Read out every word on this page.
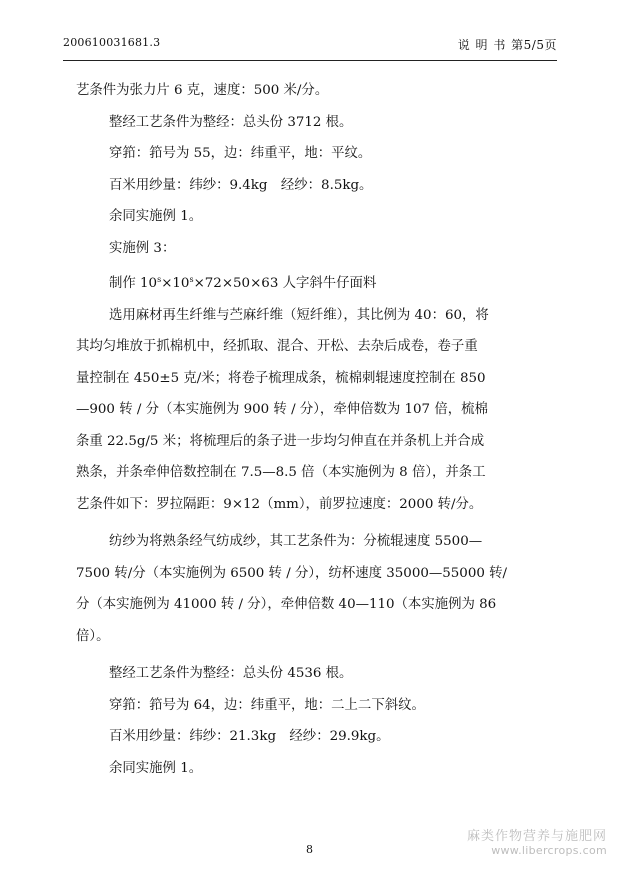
200610031681.3	说 明 书 第5/5页

艺条件为张力片 6 克，速度：500 米/分。

整经工艺条件为整经：总头份 3712 根。

穿筘：筘号为 55，边：纬重平，地：平纹。

百米用纱量：纬纱：9.4kg　经纱：8.5kg。

余同实施例 1。

实施例 3：

制作 $10^s\times 10^s\times 72\times 50\times 63$ 人字斜牛仔面料

选用麻材再生纤维与苎麻纤维（短纤维），其比例为 40：60，将

其均匀堆放于抓棉机中，经抓取、混合、开松、去杂后成卷，卷子重

量控制在 450±5 克/米；将卷子梳理成条，梳棉刺辊速度控制在 850

—900 转 / 分（本实施例为 900 转 / 分），牵伸倍数为 107 倍，梳棉

条重 22.5g/5 米；将梳理后的条子进一步均匀伸直在并条机上并合成

熟条，并条牵伸倍数控制在 7.5—8.5 倍（本实施例为 8 倍），并条工

艺条件如下：罗拉隔距：9×12（mm），前罗拉速度：2000 转/分。

纺纱为将熟条经气纺成纱，其工艺条件为：分梳辊速度 5500—

7500 转/分（本实施例为 6500 转 / 分），纺杯速度 35000—55000 转/

分（本实施例为 41000 转 / 分），牵伸倍数 40—110（本实施例为 86

倍）。

整经工艺条件为整经：总头份 4536 根。

穿筘：筘号为 64，边：纬重平，地：二上二下斜纹。

百米用纱量：纬纱：21.3kg　经纱：29.9kg。

余同实施例 1。

8
麻类作物营养与施肥网
www.libercrops.com
